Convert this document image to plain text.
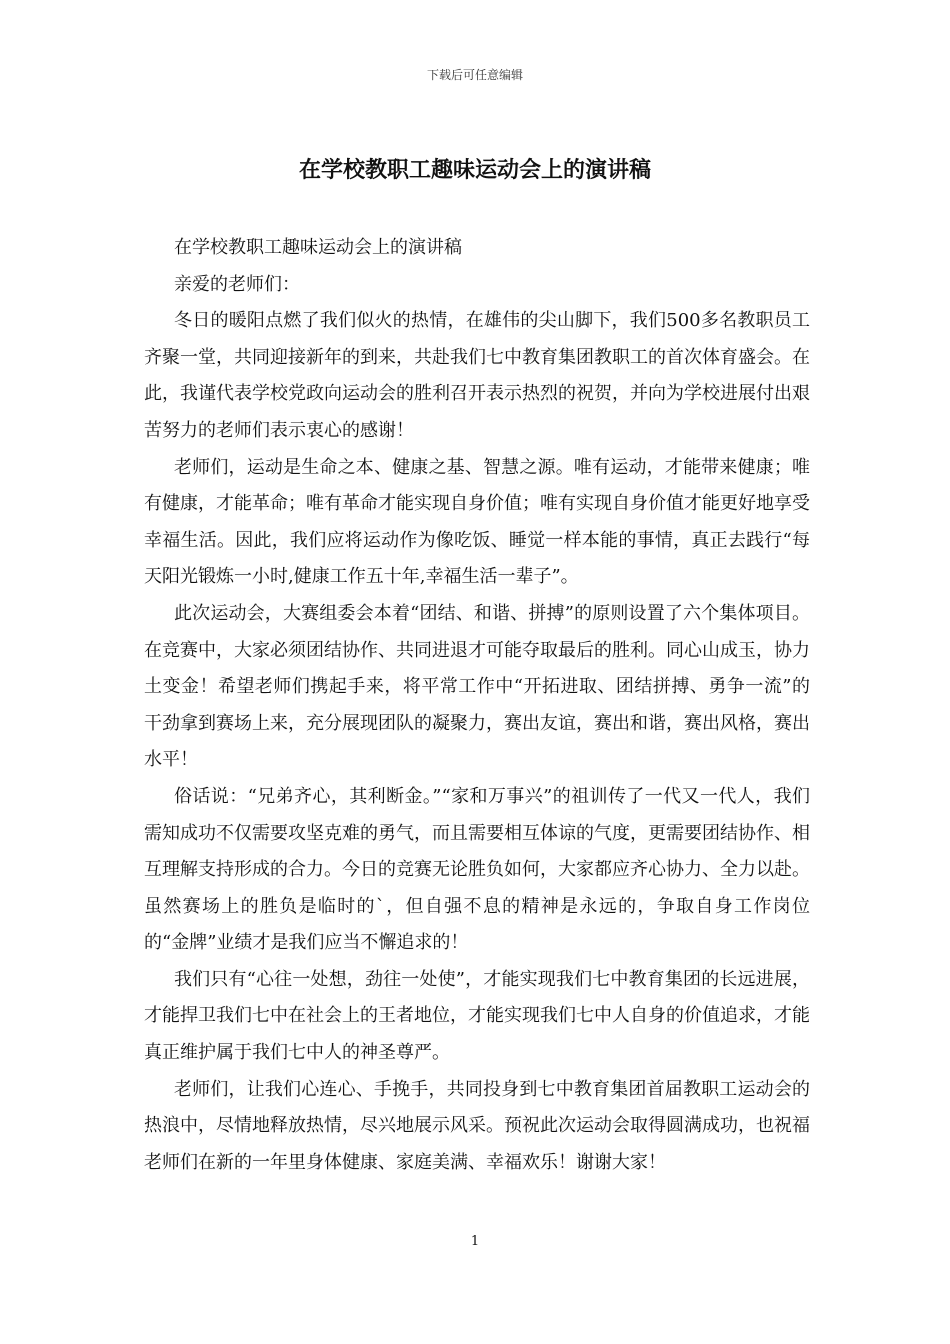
下载后可任意编辑
在学校教职工趣味运动会上的演讲稿

在学校教职工趣味运动会上的演讲稿

亲爱的老师们：

冬日的暖阳点燃了我们似火的热情，在雄伟的尖山脚下，我们500多名教职员工齐聚一堂，共同迎接新年的到来，共赴我们七中教育集团教职工的首次体育盛会。在此，我谨代表学校党政向运动会的胜利召开表示热烈的祝贺，并向为学校进展付出艰苦努力的老师们表示衷心的感谢！

老师们，运动是生命之本、健康之基、智慧之源。唯有运动，才能带来健康；唯有健康，才能革命；唯有革命才能实现自身价值；唯有实现自身价值才能更好地享受幸福生活。因此，我们应将运动作为像吃饭、睡觉一样本能的事情，真正去践行“每天阳光锻炼一小时,健康工作五十年,幸福生活一辈子”。

此次运动会，大赛组委会本着“团结、和谐、拼搏”的原则设置了六个集体项目。在竞赛中，大家必须团结协作、共同进退才可能夺取最后的胜利。同心山成玉，协力土变金！希望老师们携起手来，将平常工作中“开拓进取、团结拼搏、勇争一流”的干劲拿到赛场上来，充分展现团队的凝聚力，赛出友谊，赛出和谐，赛出风格，赛出水平！

俗话说：“兄弟齐心，其利断金。”“家和万事兴”的祖训传了一代又一代人，我们需知成功不仅需要攻坚克难的勇气，而且需要相互体谅的气度，更需要团结协作、相互理解支持形成的合力。今日的竞赛无论胜负如何，大家都应齐心协力、全力以赴。虽然赛场上的胜负是临时的`，但自强不息的精神是永远的，争取自身工作岗位的“金牌”业绩才是我们应当不懈追求的！

我们只有“心往一处想，劲往一处使”，才能实现我们七中教育集团的长远进展，才能捍卫我们七中在社会上的王者地位，才能实现我们七中人自身的价值追求，才能真正维护属于我们七中人的神圣尊严。

老师们，让我们心连心、手挽手，共同投身到七中教育集团首届教职工运动会的热浪中，尽情地释放热情，尽兴地展示风采。预祝此次运动会取得圆满成功，也祝福老师们在新的一年里身体健康、家庭美满、幸福欢乐！谢谢大家！

1
